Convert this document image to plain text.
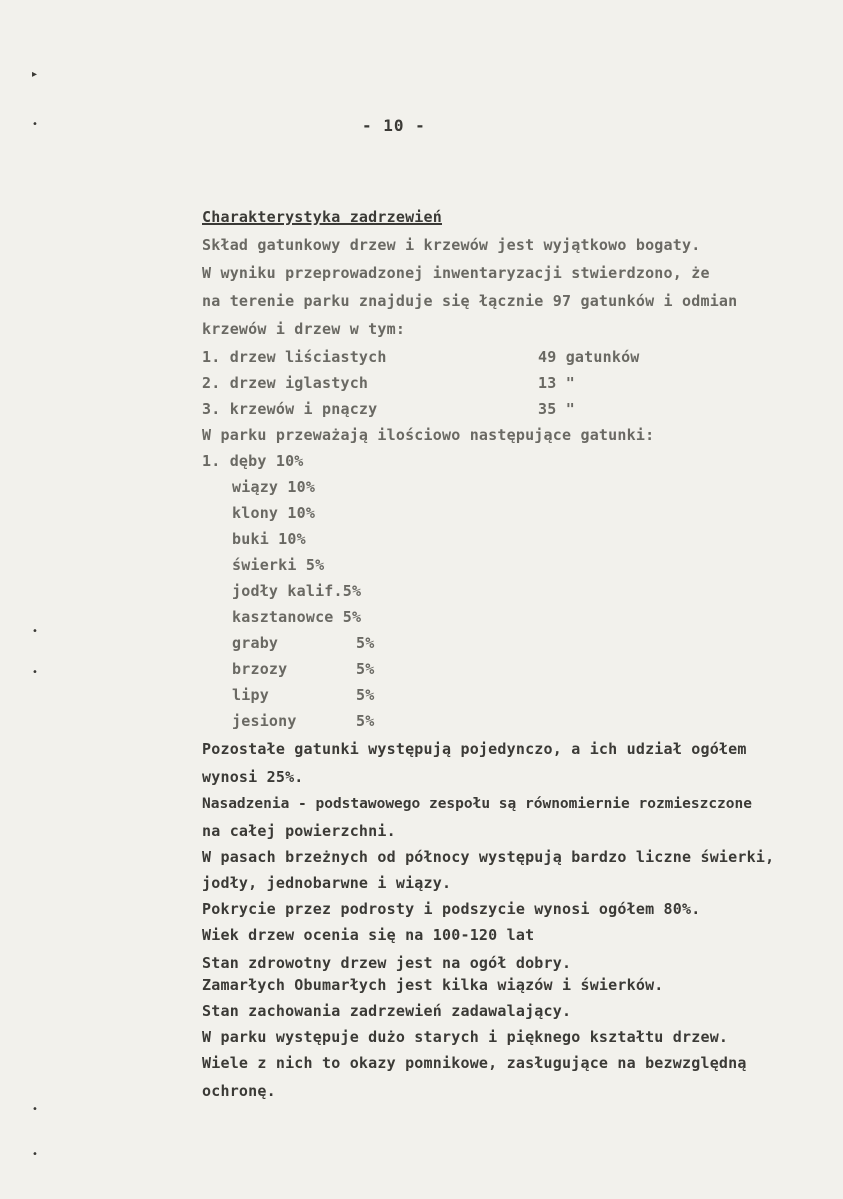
▸
•
•
•
•
•
- 10 -
Charakterystyka zadrzewień
Skład gatunkowy drzew i krzewów jest wyjątkowo bogaty.
W wyniku przeprowadzonej inwentaryzacji stwierdzono, że
na terenie parku znajduje się łącznie 97 gatunków i odmian
krzewów i drzew w tym:
1. drzew liściastych	49 gatunków
2. drzew iglastych	13 "
3. krzewów i pnączy	35 "
W parku przeważają ilościowo następujące gatunki:
1. dęby 10%
wiązy 10%
klony 10%
buki 10%
świerki 5%
jodły kalif.5%
kasztanowce 5%
graby	5%
brzozy	5%
lipy	5%
jesiony	5%
Pozostałe gatunki występują pojedynczo, a ich udział ogółem
wynosi 25%.
Nasadzenia - podstawowego zespołu są równomiernie rozmieszczone
na całej powierzchni.
W pasach brzeżnych od północy występują bardzo liczne świerki,
jodły, jednobarwne i wiązy.
Pokrycie przez podrosty i podszycie wynosi ogółem 80%.
Wiek drzew ocenia się na 100-120 lat
Stan zdrowotny drzew jest na ogół dobry.
Zamarłych Obumarłych jest kilka wiązów i świerków.
Stan zachowania zadrzewień zadawalający.
W parku występuje dużo starych i pięknego kształtu drzew.
Wiele z nich to okazy pomnikowe, zasługujące na bezwzględną
ochronę.
